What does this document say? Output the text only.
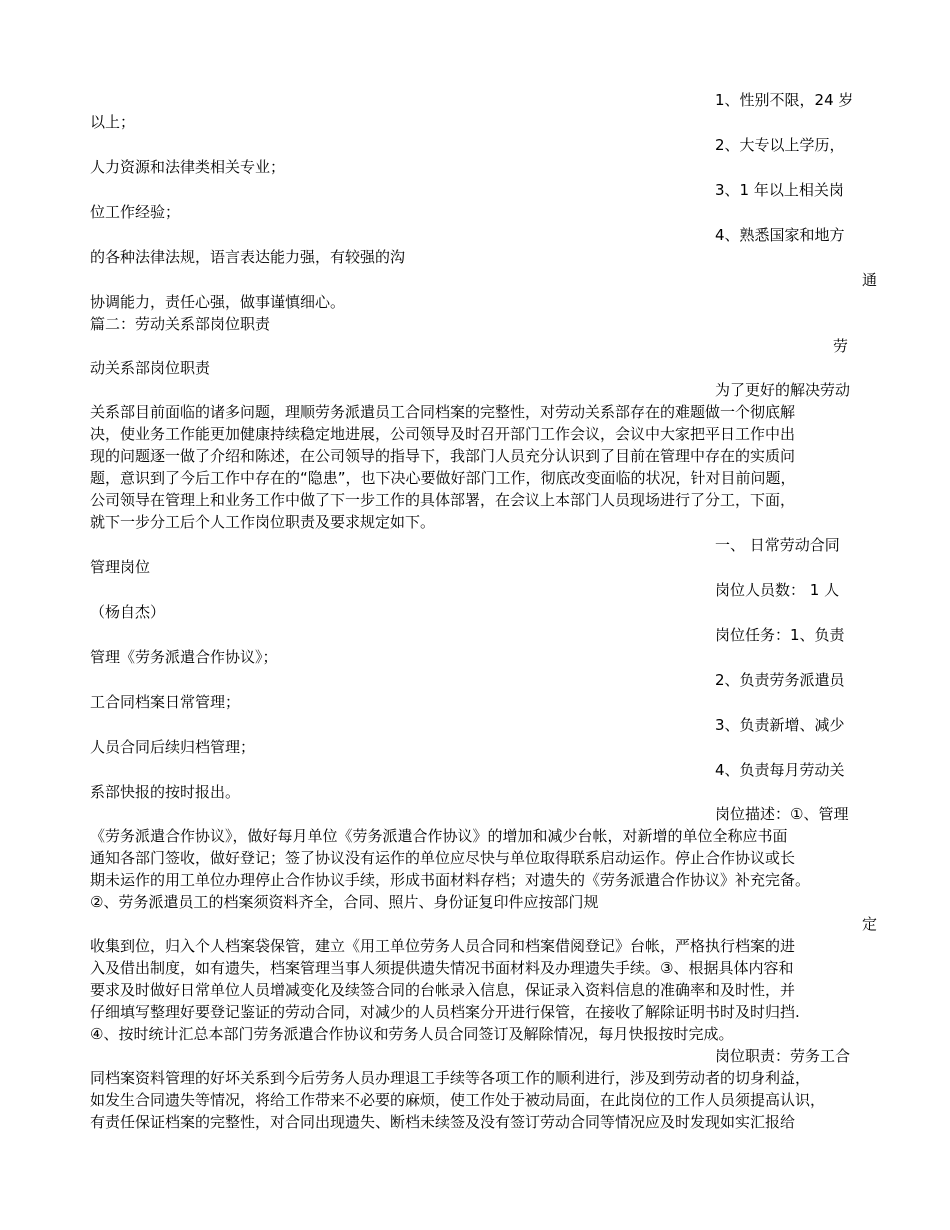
1、性别不限，24 岁
以上；
2、大专以上学历，
人力资源和法律类相关专业；
3、1 年以上相关岗
位工作经验；
4、熟悉国家和地方
的各种法律法规，语言表达能力强，有较强的沟
通
协调能力，责任心强，做事谨慎细心。
篇二：劳动关系部岗位职责
劳
动关系部岗位职责
为了更好的解决劳动
关系部目前面临的诸多问题，理顺劳务派遣员工合同档案的完整性，对劳动关系部存在的难题做一个彻底解
决，使业务工作能更加健康持续稳定地进展，公司领导及时召开部门工作会议，会议中大家把平日工作中出
现的问题逐一做了介绍和陈述，在公司领导的指导下，我部门人员充分认识到了目前在管理中存在的实质问
题，意识到了今后工作中存在的“隐患”，也下决心要做好部门工作，彻底改变面临的状况，针对目前问题，
公司领导在管理上和业务工作中做了下一步工作的具体部署，在会议上本部门人员现场进行了分工，下面，
就下一步分工后个人工作岗位职责及要求规定如下。
一、 日常劳动合同
管理岗位
岗位人员数： 1 人
（杨自杰）
岗位任务：1、负责
管理《劳务派遣合作协议》；
2、负责劳务派遣员
工合同档案日常管理；
3、负责新增、减少
人员合同后续归档管理；
4、负责每月劳动关
系部快报的按时报出。
岗位描述：①、管理
《劳务派遣合作协议》，做好每月单位《劳务派遣合作协议》的增加和减少台帐，对新增的单位全称应书面
通知各部门签收，做好登记；签了协议没有运作的单位应尽快与单位取得联系启动运作。停止合作协议或长
期未运作的用工单位办理停止合作协议手续，形成书面材料存档；对遗失的《劳务派遣合作协议》补充完备。
②、劳务派遣员工的档案须资料齐全，合同、照片、身份证复印件应按部门规
定
收集到位，归入个人档案袋保管，建立《用工单位劳务人员合同和档案借阅登记》台帐，严格执行档案的进
入及借出制度，如有遗失，档案管理当事人须提供遗失情况书面材料及办理遗失手续。③、根据具体内容和
要求及时做好日常单位人员增减变化及续签合同的台帐录入信息，保证录入资料信息的准确率和及时性，并
仔细填写整理好要登记鉴证的劳动合同，对减少的人员档案分开进行保管，在接收了解除证明书时及时归挡.
④、按时统计汇总本部门劳务派遣合作协议和劳务人员合同签订及解除情况，每月快报按时完成。
岗位职责：劳务工合
同档案资料管理的好坏关系到今后劳务人员办理退工手续等各项工作的顺利进行，涉及到劳动者的切身利益，
如发生合同遗失等情况，将给工作带来不必要的麻烦，使工作处于被动局面，在此岗位的工作人员须提高认识，
有责任保证档案的完整性，对合同出现遗失、断档未续签及没有签订劳动合同等情况应及时发现如实汇报给
